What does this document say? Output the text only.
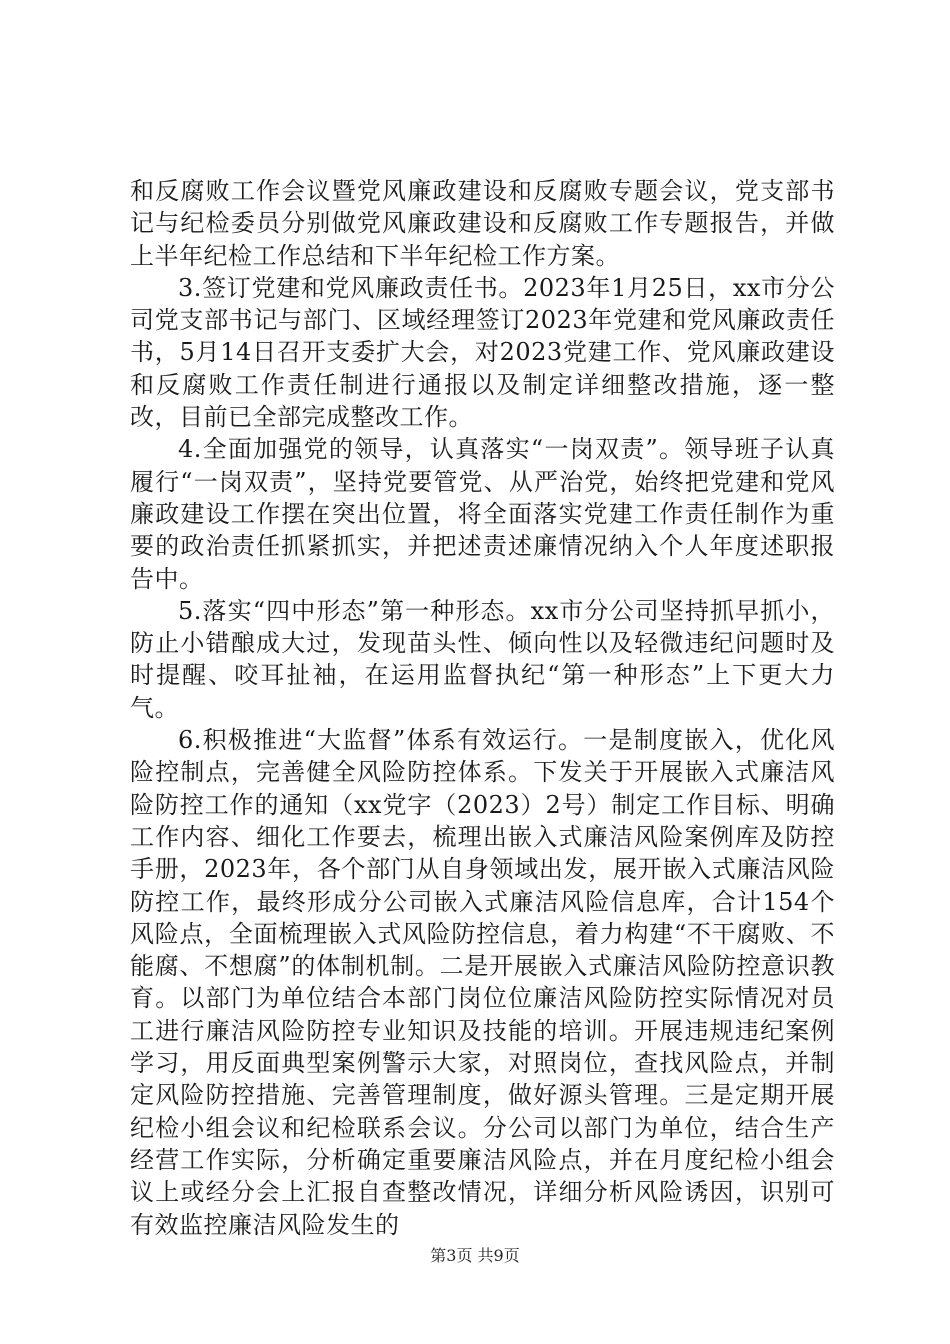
和反腐败工作会议暨党风廉政建设和反腐败专题会议，党支部书记与纪检委员分别做党风廉政建设和反腐败工作专题报告，并做上半年纪检工作总结和下半年纪检工作方案。

3.签订党建和党风廉政责任书。2023年1月25日，xx市分公司党支部书记与部门、区域经理签订2023年党建和党风廉政责任书，5月14日召开支委扩大会，对2023党建工作、党风廉政建设和反腐败工作责任制进行通报以及制定详细整改措施，逐一整改，目前已全部完成整改工作。

4.全面加强党的领导，认真落实“一岗双责”。领导班子认真履行“一岗双责”，坚持党要管党、从严治党，始终把党建和党风廉政建设工作摆在突出位置，将全面落实党建工作责任制作为重要的政治责任抓紧抓实，并把述责述廉情况纳入个人年度述职报告中。

5.落实“四中形态”第一种形态。xx市分公司坚持抓早抓小，防止小错酿成大过，发现苗头性、倾向性以及轻微违纪问题时及时提醒、咬耳扯袖，在运用监督执纪“第一种形态”上下更大力气。

6.积极推进“大监督”体系有效运行。一是制度嵌入，优化风险控制点，完善健全风险防控体系。下发关于开展嵌入式廉洁风险防控工作的通知（xx党字（2023）2号）制定工作目标、明确工作内容、细化工作要去，梳理出嵌入式廉洁风险案例库及防控手册，2023年，各个部门从自身领域出发，展开嵌入式廉洁风险防控工作，最终形成分公司嵌入式廉洁风险信息库，合计154个风险点，全面梳理嵌入式风险防控信息，着力构建“不干腐败、不能腐、不想腐”的体制机制。二是开展嵌入式廉洁风险防控意识教育。以部门为单位结合本部门岗位位廉洁风险防控实际情况对员工进行廉洁风险防控专业知识及技能的培训。开展违规违纪案例学习，用反面典型案例警示大家，对照岗位，查找风险点，并制定风险防控措施、完善管理制度，做好源头管理。三是定期开展纪检小组会议和纪检联系会议。分公司以部门为单位，结合生产经营工作实际，分析确定重要廉洁风险点，并在月度纪检小组会议上或经分会上汇报自查整改情况，详细分析风险诱因，识别可有效监控廉洁风险发生的

第3页 共9页
